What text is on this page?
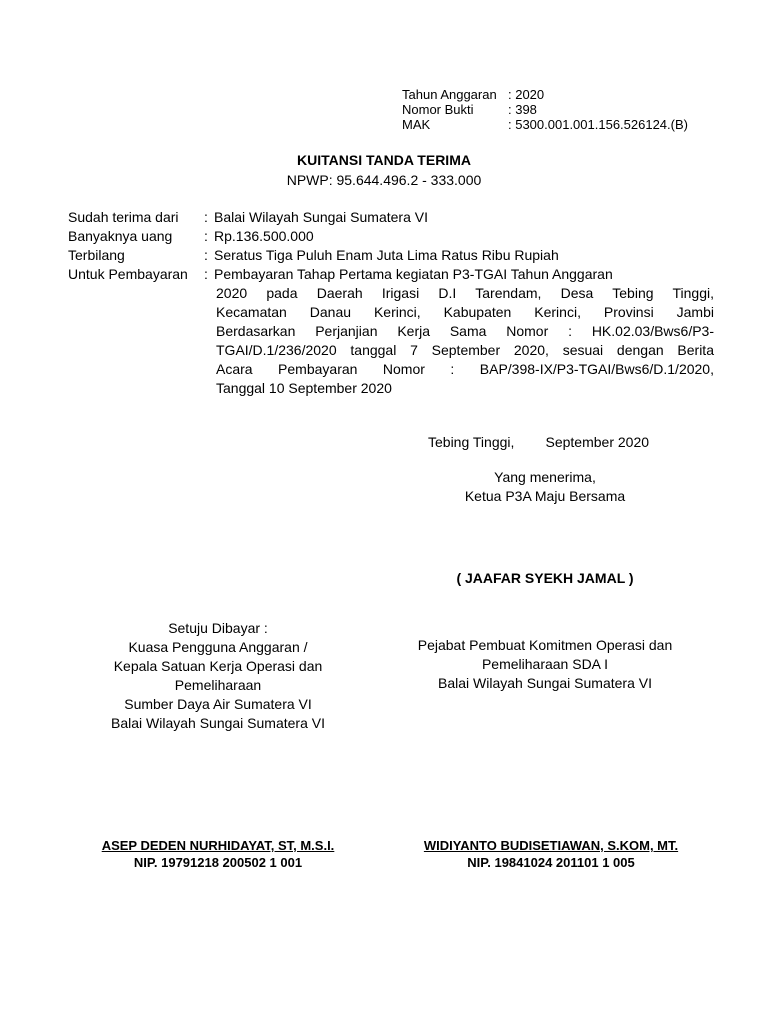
Tahun Anggaran : 2020
Nomor Bukti	: 398
MAK	: 5300.001.001.156.526124.(B)
KUITANSI TANDA TERIMA
NPWP: 95.644.496.2 - 333.000
Sudah terima dari	: Balai Wilayah Sungai Sumatera VI
Banyaknya uang	: Rp.136.500.000
Terbilang	: Seratus Tiga Puluh Enam Juta Lima Ratus Ribu Rupiah
Untuk Pembayaran	: Pembayaran Tahap Pertama kegiatan P3-TGAI Tahun Anggaran
2020 pada Daerah Irigasi D.I Tarendam, Desa Tebing Tinggi,
Kecamatan Danau Kerinci, Kabupaten Kerinci, Provinsi Jambi
Berdasarkan Perjanjian Kerja Sama Nomor : HK.02.03/Bws6/P3-
TGAI/D.1/236/2020 tanggal 7 September 2020, sesuai dengan Berita
Acara Pembayaran Nomor : BAP/398-IX/P3-TGAI/Bws6/D.1/2020,
Tanggal 10 September 2020
Tebing Tinggi,        September 2020
Yang menerima,
Ketua P3A Maju Bersama
( JAAFAR SYEKH JAMAL )
Setuju Dibayar :
Kuasa Pengguna Anggaran /
Kepala Satuan Kerja Operasi dan
Pemeliharaan
Sumber Daya Air Sumatera VI
Balai Wilayah Sungai Sumatera VI
Pejabat Pembuat Komitmen Operasi dan
Pemeliharaan SDA I
Balai Wilayah Sungai Sumatera VI
ASEP DEDEN NURHIDAYAT, ST, M.S.I.
NIP. 19791218 200502 1 001
WIDIYANTO BUDISETIAWAN, S.KOM, MT.
NIP. 19841024 201101 1 005
